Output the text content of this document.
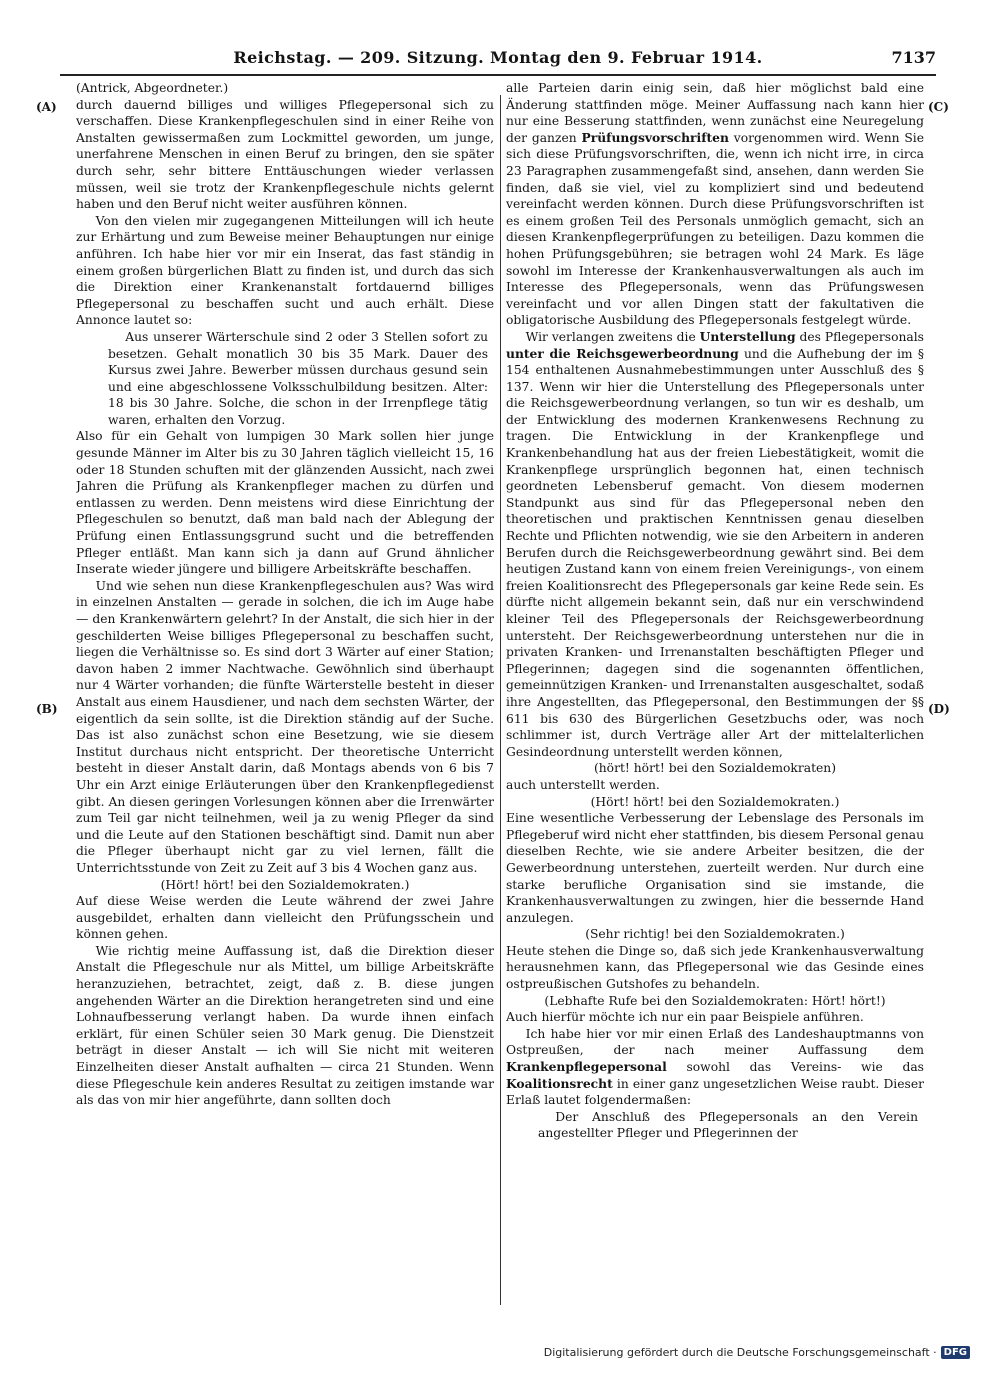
Reichstag. — 209. Sitzung. Montag den 9. Februar 1914.	7137
(A)
(B)
(C)
(D)

(Antrick, Abgeordneter.)

durch dauernd billiges und williges Pflegepersonal sich zu verschaffen. Diese Krankenpflegeschulen sind in einer Reihe von Anstalten gewissermaßen zum Lockmittel geworden, um junge, unerfahrene Menschen in einen Beruf zu bringen, den sie später durch sehr, sehr bittere Enttäuschungen wieder verlassen müssen, weil sie trotz der Krankenpflegeschule nichts gelernt haben und den Beruf nicht weiter ausführen können.

Von den vielen mir zugegangenen Mitteilungen will ich heute zur Erhärtung und zum Beweise meiner Behauptungen nur einige anführen. Ich habe hier vor mir ein Inserat, das fast ständig in einem großen bürgerlichen Blatt zu finden ist, und durch das sich die Direktion einer Krankenanstalt fortdauernd billiges Pflegepersonal zu beschaffen sucht und auch erhält. Diese Annonce lautet so:

Aus unserer Wärterschule sind 2 oder 3 Stellen sofort zu besetzen. Gehalt monatlich 30 bis 35 Mark. Dauer des Kursus zwei Jahre. Bewerber müssen durchaus gesund sein und eine abgeschlossene Volksschulbildung besitzen. Alter: 18 bis 30 Jahre. Solche, die schon in der Irrenpflege tätig waren, erhalten den Vorzug.

Also für ein Gehalt von lumpigen 30 Mark sollen hier junge gesunde Männer im Alter bis zu 30 Jahren täglich vielleicht 15, 16 oder 18 Stunden schuften mit der glänzenden Aussicht, nach zwei Jahren die Prüfung als Krankenpfleger machen zu dürfen und entlassen zu werden. Denn meistens wird diese Einrichtung der Pflegeschulen so benutzt, daß man bald nach der Ablegung der Prüfung einen Entlassungsgrund sucht und die betreffenden Pfleger entläßt. Man kann sich ja dann auf Grund ähnlicher Inserate wieder jüngere und billigere Arbeitskräfte beschaffen.

Und wie sehen nun diese Krankenpflegeschulen aus? Was wird in einzelnen Anstalten — gerade in solchen, die ich im Auge habe — den Krankenwärtern gelehrt? In der Anstalt, die sich hier in der geschilderten Weise billiges Pflegepersonal zu beschaffen sucht, liegen die Verhältnisse so. Es sind dort 3 Wärter auf einer Station; davon haben 2 immer Nachtwache. Gewöhnlich sind überhaupt nur 4 Wärter vorhanden; die fünfte Wärterstelle besteht in dieser Anstalt aus einem Hausdiener, und nach dem sechsten Wärter, der eigentlich da sein sollte, ist die Direktion ständig auf der Suche. Das ist also zunächst schon eine Besetzung, wie sie diesem Institut durchaus nicht entspricht. Der theoretische Unterricht besteht in dieser Anstalt darin, daß Montags abends von 6 bis 7 Uhr ein Arzt einige Erläuterungen über den Krankenpflegedienst gibt. An diesen geringen Vorlesungen können aber die Irrenwärter zum Teil gar nicht teilnehmen, weil ja zu wenig Pfleger da sind und die Leute auf den Stationen beschäftigt sind. Damit nun aber die Pfleger überhaupt nicht gar zu viel lernen, fällt die Unterrichtsstunde von Zeit zu Zeit auf 3 bis 4 Wochen ganz aus.

(Hört! hört! bei den Sozialdemokraten.)

Auf diese Weise werden die Leute während der zwei Jahre ausgebildet, erhalten dann vielleicht den Prüfungsschein und können gehen.

Wie richtig meine Auffassung ist, daß die Direktion dieser Anstalt die Pflegeschule nur als Mittel, um billige Arbeitskräfte heranzuziehen, betrachtet, zeigt, daß z. B. diese jungen angehenden Wärter an die Direktion herangetreten sind und eine Lohnaufbesserung verlangt haben. Da wurde ihnen einfach erklärt, für einen Schüler seien 30 Mark genug. Die Dienstzeit beträgt in dieser Anstalt — ich will Sie nicht mit weiteren Einzelheiten dieser Anstalt aufhalten — circa 21 Stunden. Wenn diese Pflegeschule kein anderes Resultat zu zeitigen imstande war als das von mir hier angeführte, dann sollten doch

alle Parteien darin einig sein, daß hier möglichst bald eine Änderung stattfinden möge. Meiner Auffassung nach kann hier nur eine Besserung stattfinden, wenn zunächst eine Neuregelung der ganzen Prüfungsvorschriften vorgenommen wird. Wenn Sie sich diese Prüfungsvorschriften, die, wenn ich nicht irre, in circa 23 Paragraphen zusammengefaßt sind, ansehen, dann werden Sie finden, daß sie viel, viel zu kompliziert sind und bedeutend vereinfacht werden können. Durch diese Prüfungsvorschriften ist es einem großen Teil des Personals unmöglich gemacht, sich an diesen Krankenpflegerprüfungen zu beteiligen. Dazu kommen die hohen Prüfungsgebühren; sie betragen wohl 24 Mark. Es läge sowohl im Interesse der Krankenhausverwaltungen als auch im Interesse des Pflegepersonals, wenn das Prüfungswesen vereinfacht und vor allen Dingen statt der fakultativen die obligatorische Ausbildung des Pflegepersonals festgelegt würde.

Wir verlangen zweitens die Unterstellung des Pflegepersonals unter die Reichsgewerbeordnung und die Aufhebung der im § 154 enthaltenen Ausnahmebestimmungen unter Ausschluß des § 137. Wenn wir hier die Unterstellung des Pflegepersonals unter die Reichsgewerbeordnung verlangen, so tun wir es deshalb, um der Entwicklung des modernen Krankenwesens Rechnung zu tragen. Die Entwicklung in der Krankenpflege und Krankenbehandlung hat aus der freien Liebestätigkeit, womit die Krankenpflege ursprünglich begonnen hat, einen technisch geordneten Lebensberuf gemacht. Von diesem modernen Standpunkt aus sind für das Pflegepersonal neben den theoretischen und praktischen Kenntnissen genau dieselben Rechte und Pflichten notwendig, wie sie den Arbeitern in anderen Berufen durch die Reichsgewerbeordnung gewährt sind. Bei dem heutigen Zustand kann von einem freien Vereinigungs-, von einem freien Koalitionsrecht des Pflegepersonals gar keine Rede sein. Es dürfte nicht allgemein bekannt sein, daß nur ein verschwindend kleiner Teil des Pflegepersonals der Reichsgewerbeordnung untersteht. Der Reichsgewerbeordnung unterstehen nur die in privaten Kranken- und Irrenanstalten beschäftigten Pfleger und Pflegerinnen; dagegen sind die sogenannten öffentlichen, gemeinnützigen Kranken- und Irrenanstalten ausgeschaltet, sodaß ihre Angestellten, das Pflegepersonal, den Bestimmungen der §§ 611 bis 630 des Bürgerlichen Gesetzbuchs oder, was noch schlimmer ist, durch Verträge aller Art der mittelalterlichen Gesindeordnung unterstellt werden können,

(hört! hört! bei den Sozialdemokraten)

auch unterstellt werden.

(Hört! hört! bei den Sozialdemokraten.)

Eine wesentliche Verbesserung der Lebenslage des Personals im Pflegeberuf wird nicht eher stattfinden, bis diesem Personal genau dieselben Rechte, wie sie andere Arbeiter besitzen, die der Gewerbeordnung unterstehen, zuerteilt werden. Nur durch eine starke berufliche Organisation sind sie imstande, die Krankenhausverwaltungen zu zwingen, hier die bessernde Hand anzulegen.

(Sehr richtig! bei den Sozialdemokraten.)

Heute stehen die Dinge so, daß sich jede Krankenhausverwaltung herausnehmen kann, das Pflegepersonal wie das Gesinde eines ostpreußischen Gutshofes zu behandeln.

(Lebhafte Rufe bei den Sozialdemokraten: Hört! hört!)

Auch hierfür möchte ich nur ein paar Beispiele anführen.

Ich habe hier vor mir einen Erlaß des Landeshauptmanns von Ostpreußen, der nach meiner Auffassung dem Krankenpflegepersonal sowohl das Vereins- wie das Koalitionsrecht in einer ganz ungesetzlichen Weise raubt. Dieser Erlaß lautet folgendermaßen:

Der Anschluß des Pflegepersonals an den Verein angestellter Pfleger und Pflegerinnen der

Digitalisierung gefördert durch die Deutsche Forschungsgemeinschaft · DFG
